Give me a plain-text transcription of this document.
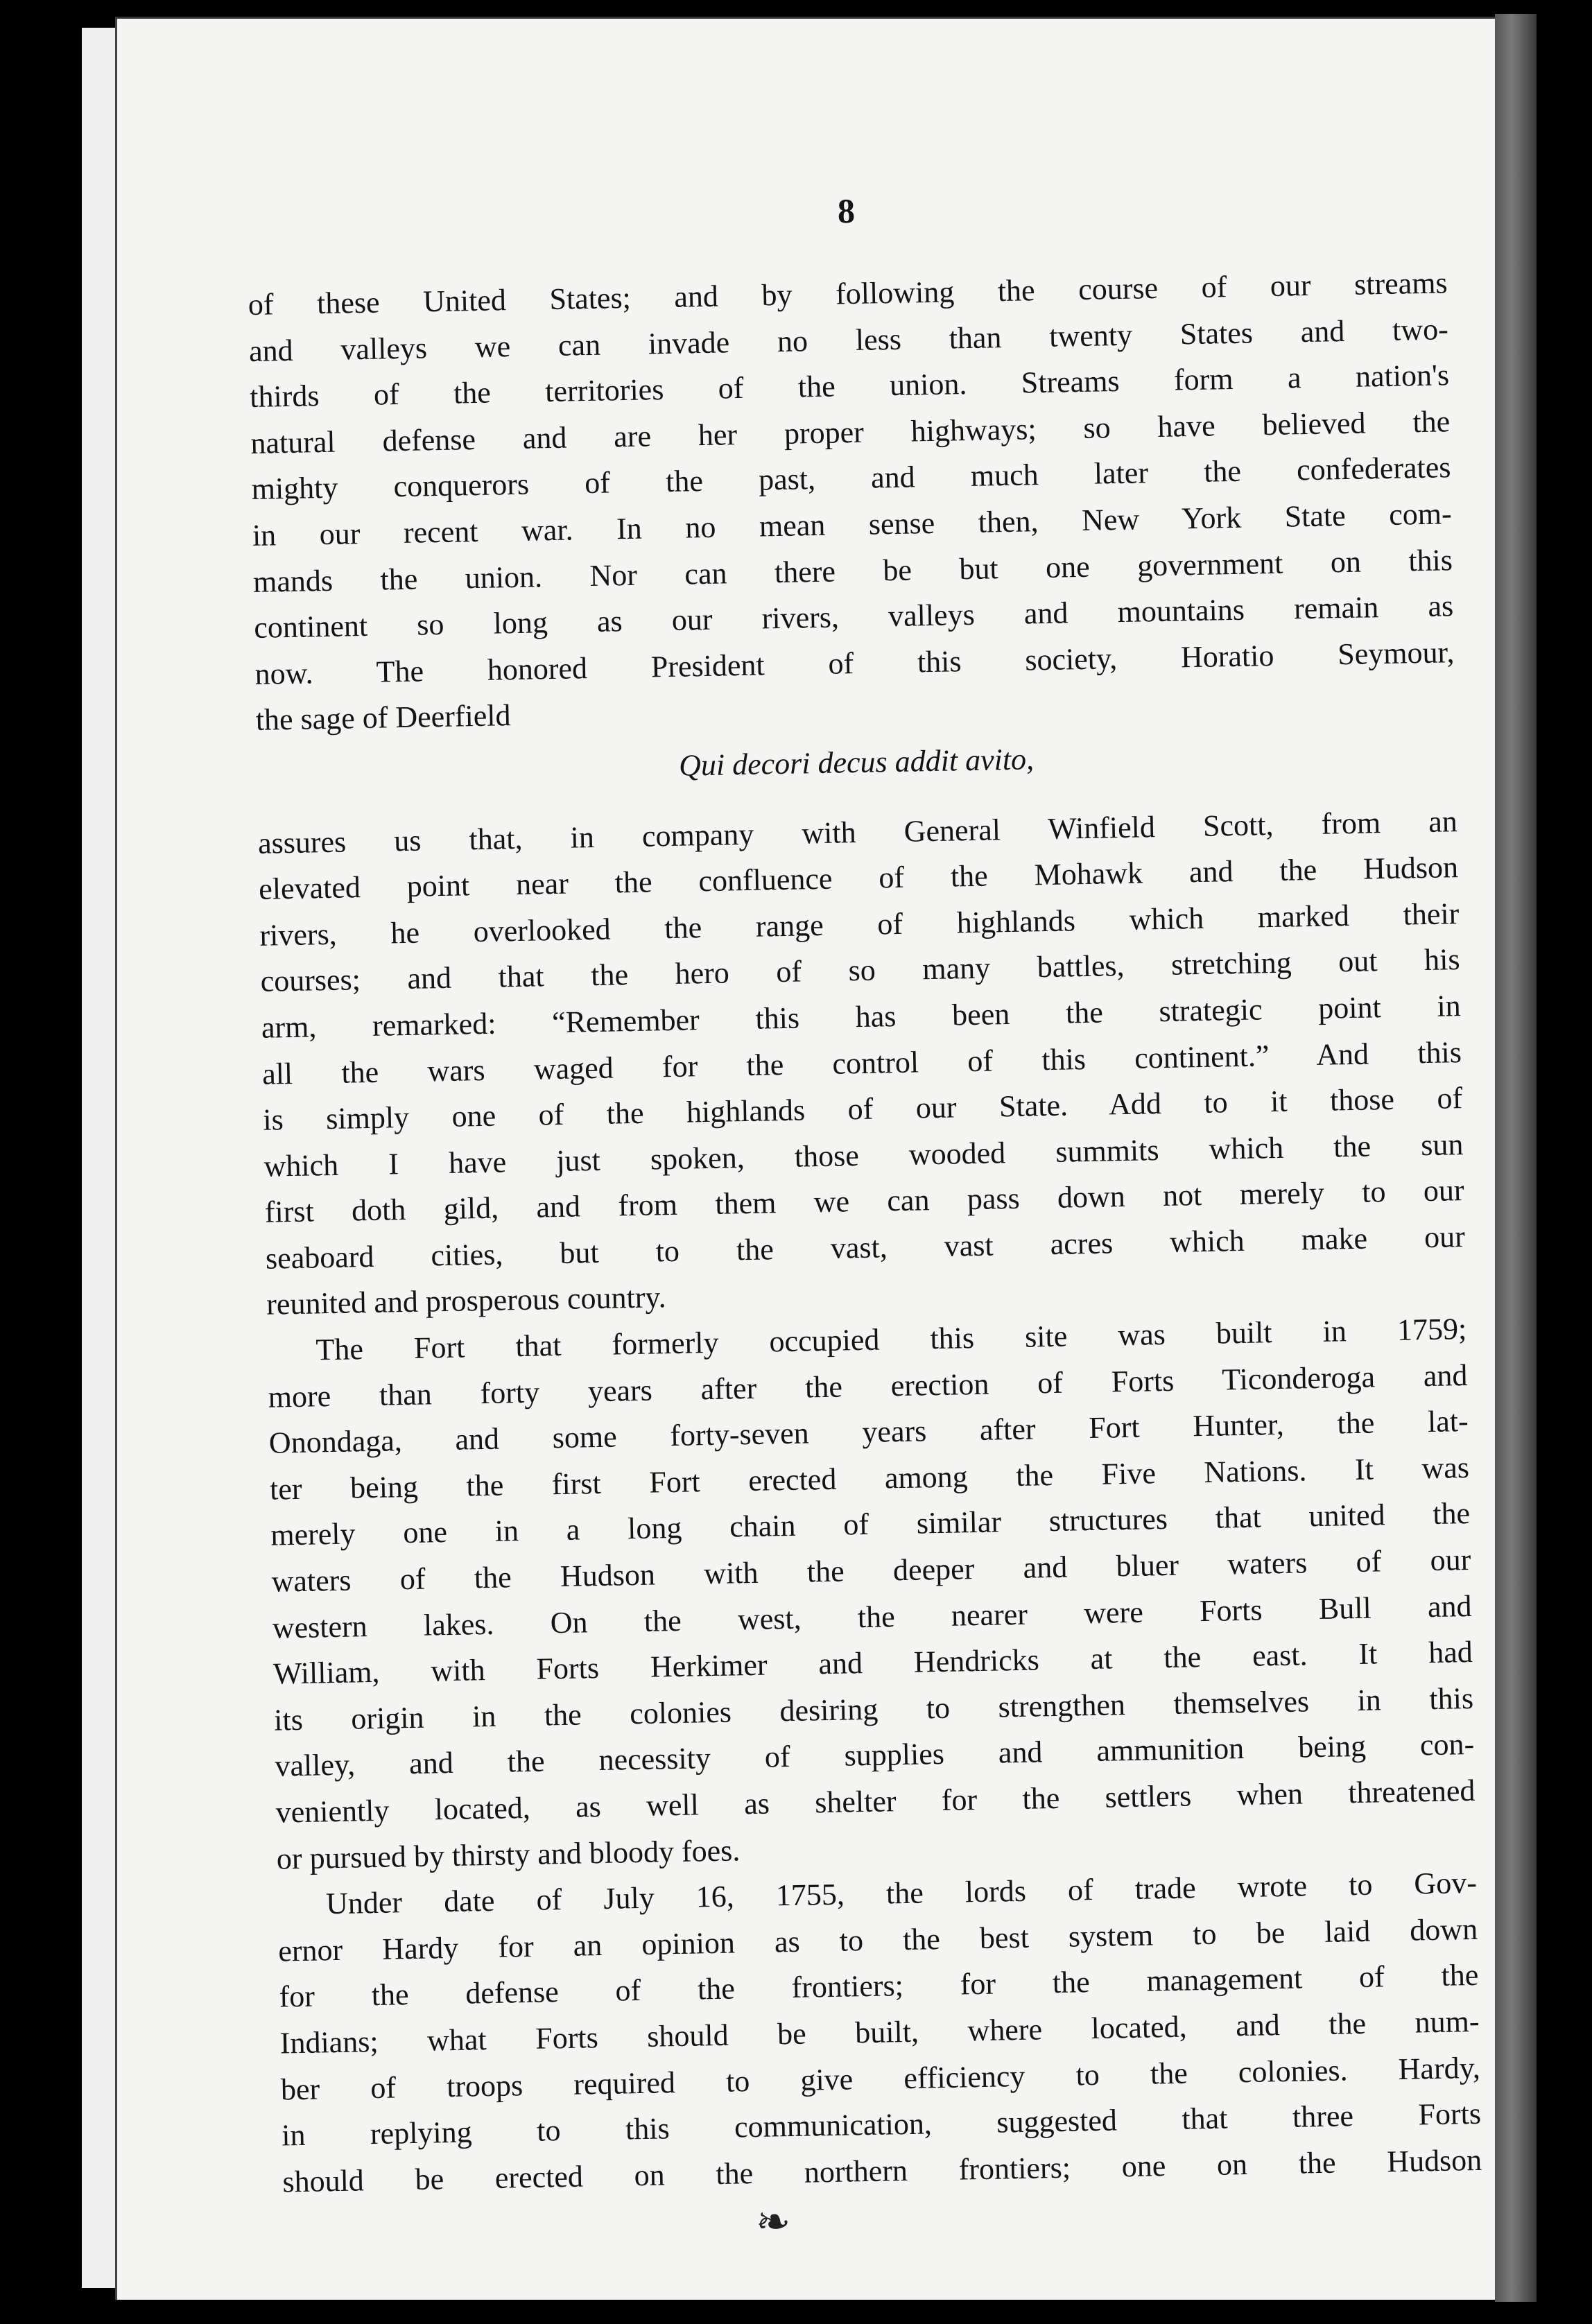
8
of these United States; and by following the course of our streams
and valleys we can invade no less than twenty States and two-
thirds of the territories of the union. Streams form a nation's
natural defense and are her proper highways; so have believed the
mighty conquerors of the past, and much later the confederates
in our recent war. In no mean sense then, New York State com-
mands the union. Nor can there be but one government on this
continent so long as our rivers, valleys and mountains remain as
now. The honored President of this society, Horatio Seymour,
the sage of Deerfield
Qui decori decus addit avito,
assures us that, in company with General Winfield Scott, from an
elevated point near the confluence of the Mohawk and the Hudson
rivers, he overlooked the range of highlands which marked their
courses; and that the hero of so many battles, stretching out his
arm, remarked: “Remember this has been the strategic point in
all the wars waged for the control of this continent.” And this
is simply one of the highlands of our State. Add to it those of
which I have just spoken, those wooded summits which the sun
first doth gild, and from them we can pass down not merely to our
seaboard cities, but to the vast, vast acres which make our
reunited and prosperous country.
The Fort that formerly occupied this site was built in 1759;
more than forty years after the erection of Forts Ticonderoga and
Onondaga, and some forty-seven years after Fort Hunter, the lat-
ter being the first Fort erected among the Five Nations. It was
merely one in a long chain of similar structures that united the
waters of the Hudson with the deeper and bluer waters of our
western lakes. On the west, the nearer were Forts Bull and
William, with Forts Herkimer and Hendricks at the east. It had
its origin in the colonies desiring to strengthen themselves in this
valley, and the necessity of supplies and ammunition being con-
veniently located, as well as shelter for the settlers when threatened
or pursued by thirsty and bloody foes.
Under date of July 16, 1755, the lords of trade wrote to Gov-
ernor Hardy for an opinion as to the best system to be laid down
for the defense of the frontiers; for the management of the
Indians; what Forts should be built, where located, and the num-
ber of troops required to give efficiency to the colonies. Hardy,
in replying to this communication, suggested that three Forts
should be erected on the northern frontiers; one on the Hudson
❧
